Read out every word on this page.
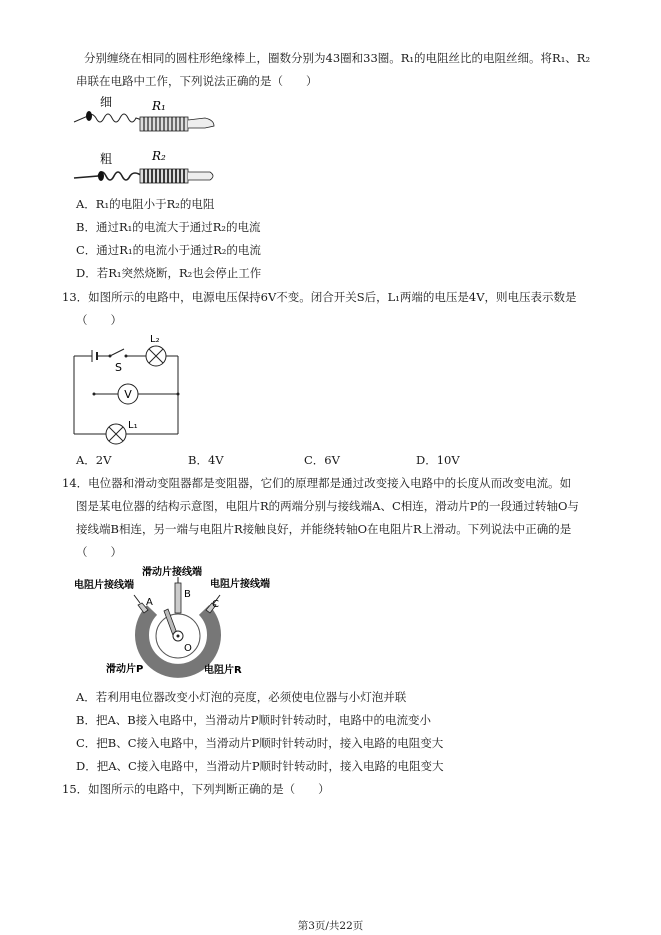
分别缠绕在相同的圆柱形绝缘棒上，圈数分别为43圈和33圈。R₁的电阻丝比的电阻丝细。将R₁、R₂
串联在电路中工作，下列说法正确的是（　　）
细	R₁
粗	R₂
A．R₁的电阻小于R₂的电阻
B．通过R₁的电流大于通过R₂的电流
C．通过R₁的电流小于通过R₂的电流
D．若R₁突然烧断，R₂也会停止工作
13．如图所示的电路中，电源电压保持6V不变。闭合开关S后，L₁两端的电压是4V，则电压表示数是
（　　）
V
S
L₂
L₁
A．2V	B．4V	C．6V	D．10V
14．电位器和滑动变阻器都是变阻器，它们的原理都是通过改变接入电路中的长度从而改变电流。如
图是某电位器的结构示意图，电阻片R的两端分别与接线端A、C相连，滑动片P的一段通过转轴O与
接线端B相连，另一端与电阻片R接触良好，并能绕转轴O在电阻片R上滑动。下列说法中正确的是
（　　）
滑动片接线端
电阻片接线端	电阻片接线端
A	C
B
O
滑动片P	电阻片R
A．若利用电位器改变小灯泡的亮度，必须使电位器与小灯泡并联
B．把A、B接入电路中，当滑动片P顺时针转动时，电路中的电流变小
C．把B、C接入电路中，当滑动片P顺时针转动时，接入电路的电阻变大
D．把A、C接入电路中，当滑动片P顺时针转动时，接入电路的电阻变大
15．如图所示的电路中，下列判断正确的是（　　）
第3页/共22页
